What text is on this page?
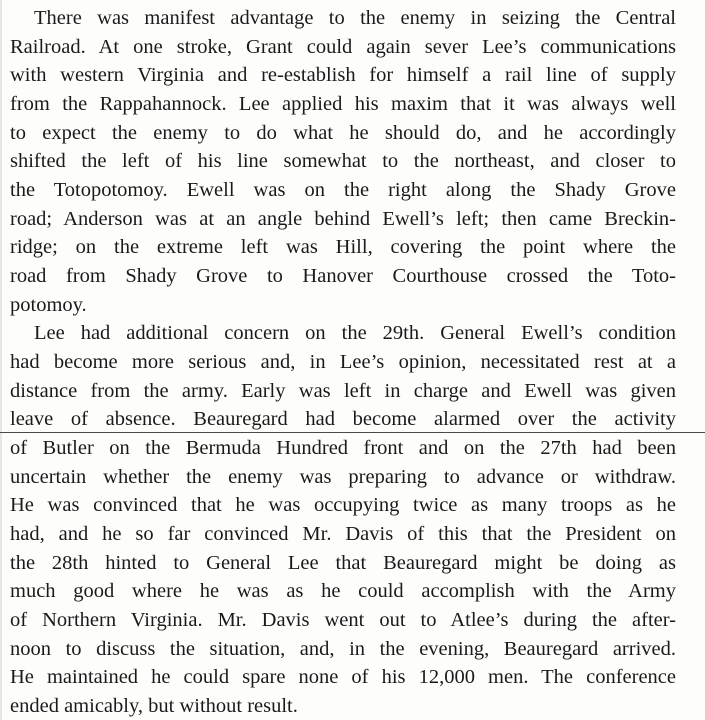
There was manifest advantage to the enemy in seizing the Central
Railroad. At one stroke, Grant could again sever Lee’s communications
with western Virginia and re-establish for himself a rail line of supply
from the Rappahannock. Lee applied his maxim that it was always well
to expect the enemy to do what he should do, and he accordingly
shifted the left of his line somewhat to the northeast, and closer to
the Totopotomoy. Ewell was on the right along the Shady Grove
road; Anderson was at an angle behind Ewell’s left; then came Breckin-
ridge; on the extreme left was Hill, covering the point where the
road from Shady Grove to Hanover Courthouse crossed the Toto-
potomoy.
Lee had additional concern on the 29th. General Ewell’s condition
had become more serious and, in Lee’s opinion, necessitated rest at a
distance from the army. Early was left in charge and Ewell was given
leave of absence. Beauregard had become alarmed over the activity
of Butler on the Bermuda Hundred front and on the 27th had been
uncertain whether the enemy was preparing to advance or withdraw.
He was convinced that he was occupying twice as many troops as he
had, and he so far convinced Mr. Davis of this that the President on
the 28th hinted to General Lee that Beauregard might be doing as
much good where he was as he could accomplish with the Army
of Northern Virginia. Mr. Davis went out to Atlee’s during the after-
noon to discuss the situation, and, in the evening, Beauregard arrived.
He maintained he could spare none of his 12,000 men. The conference
ended amicably, but without result.
